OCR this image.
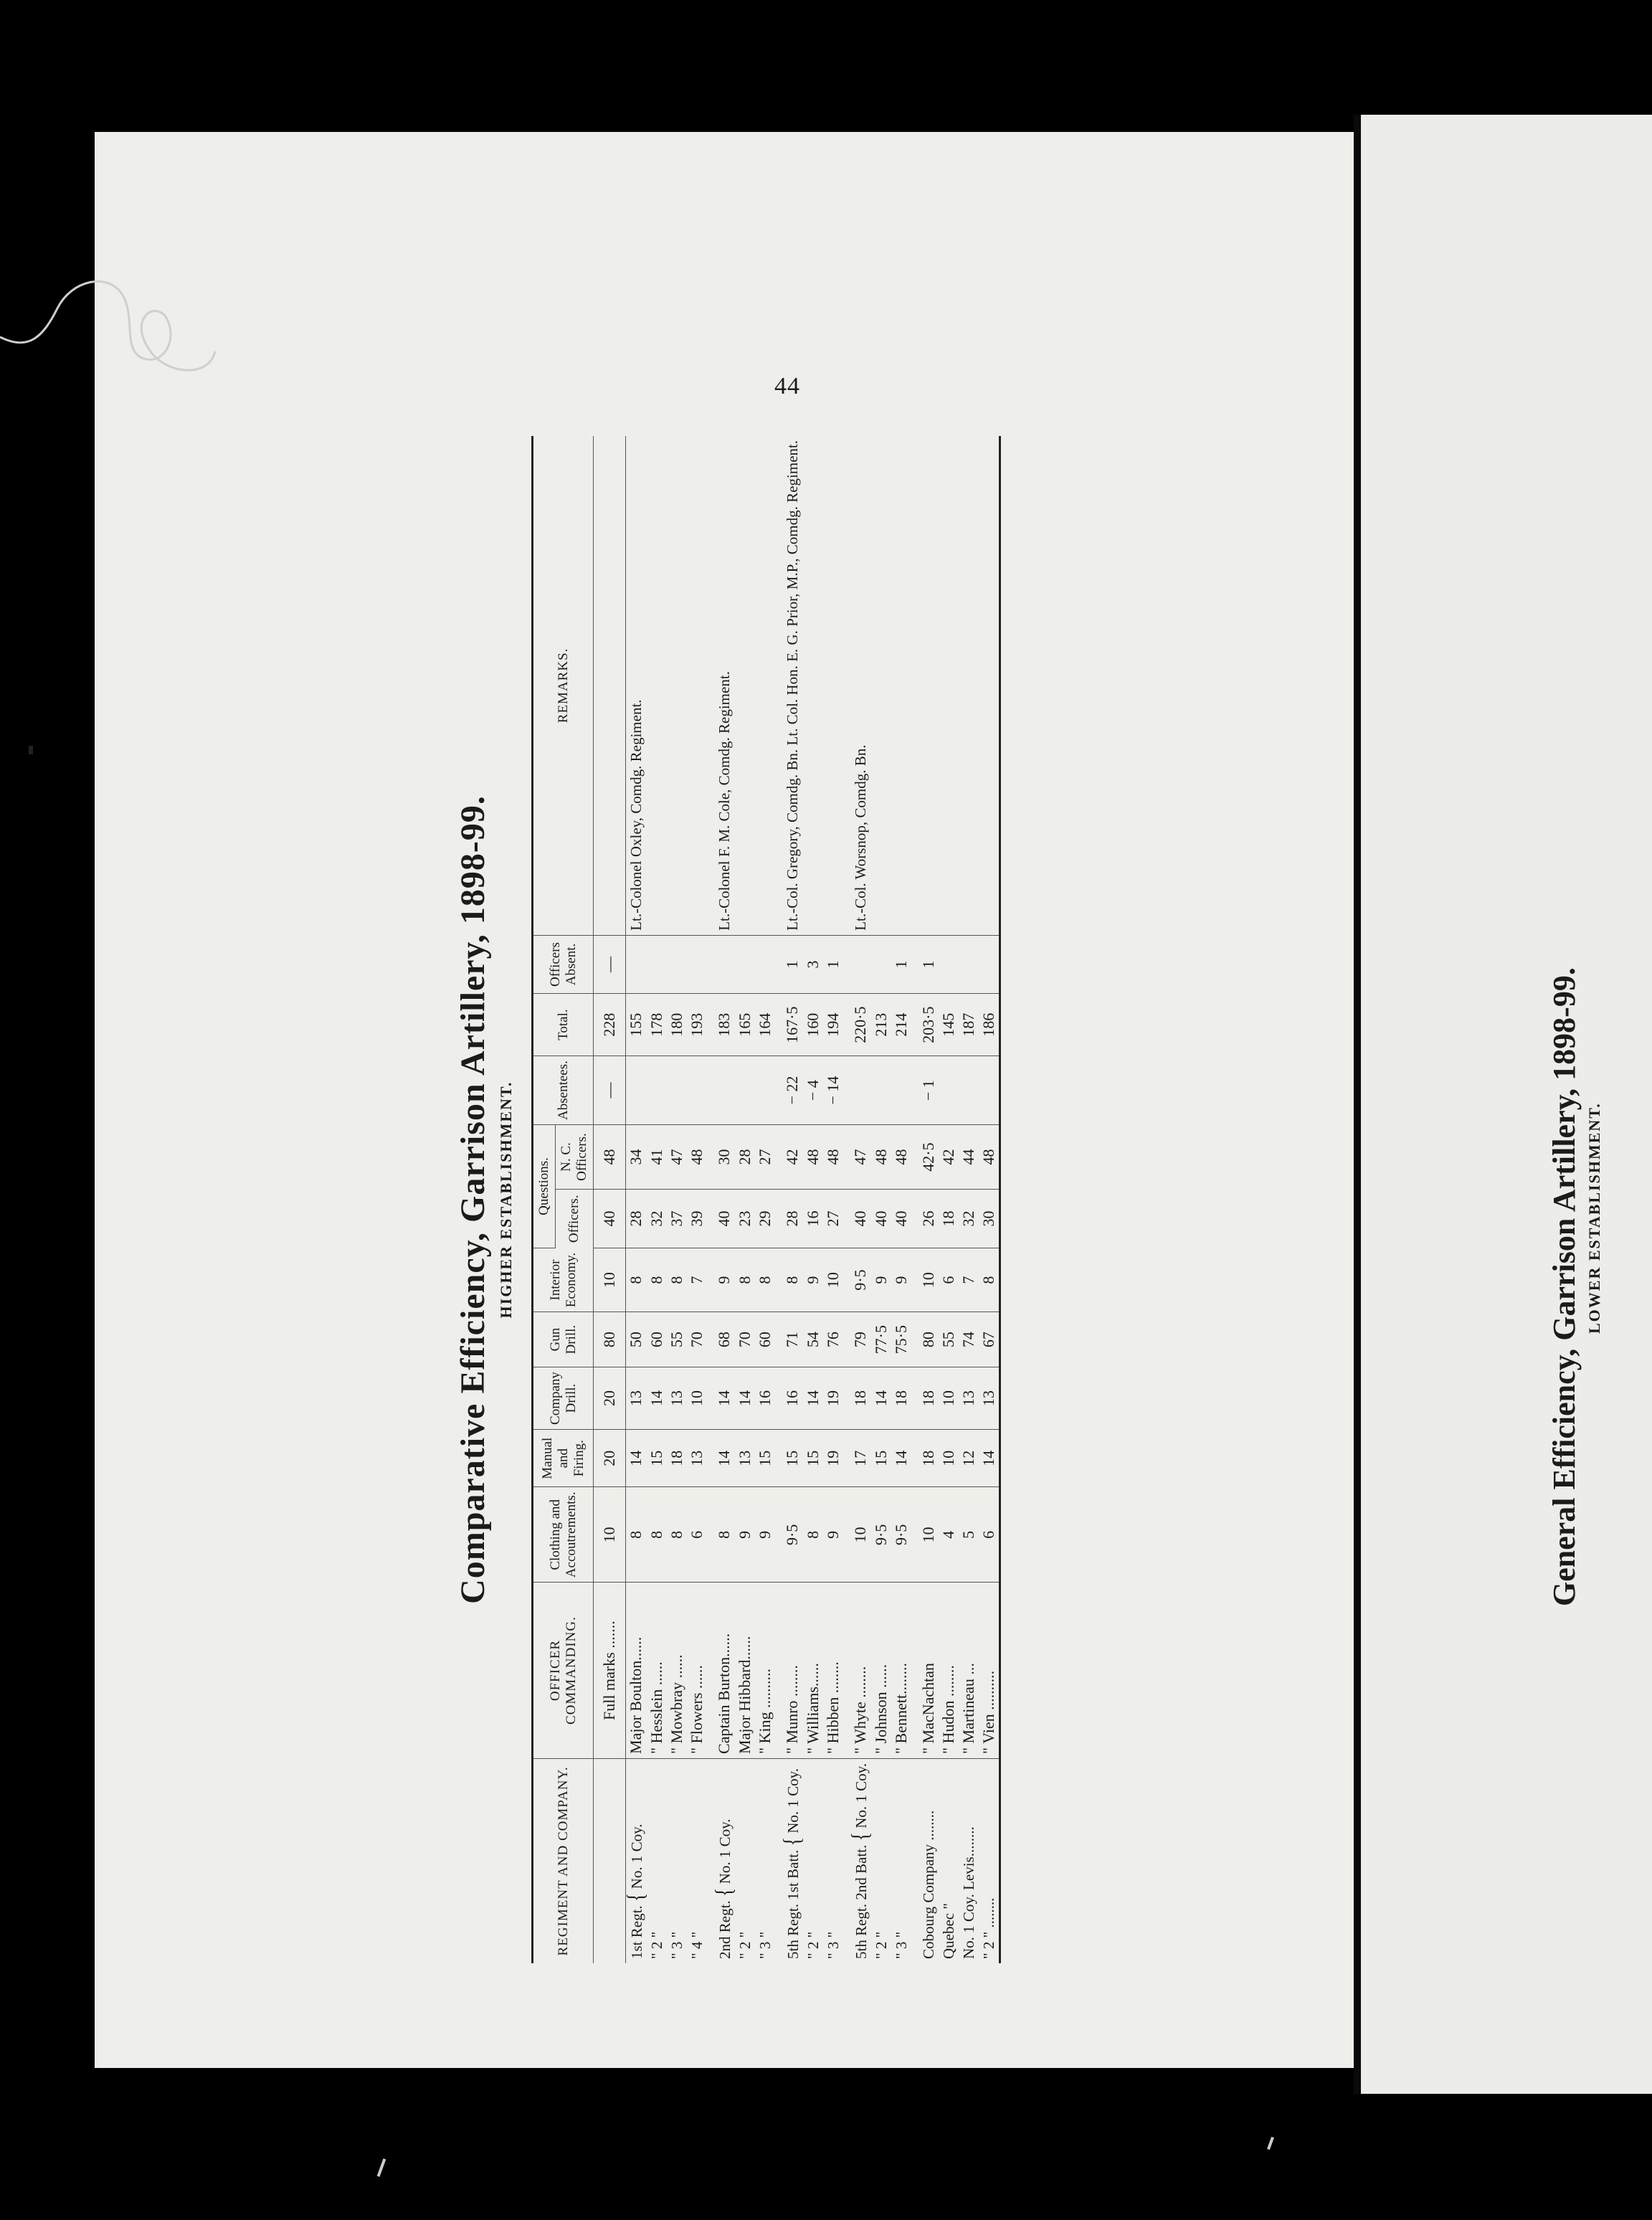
44
Comparative Efficiency, Garrison Artillery, 1898-99. HIGHER ESTABLISHMENT.
REGIMENT AND COMPANY.	OFFICER COMMANDING.	Clothing and Accoutrements.	Manual and Firing.	Company Drill.	Gun Drill.	Interior Economy.	Questions.		Absentees.	Total.	Officers Absent.	REMARKS.
							Officers.	N. C. Officers.				
	Full marks .......	10	20	20	80	10	40	48	—	228	—	
1st Regt. { No. 1 Coy.	Major Boulton......	8	14	13	50	8	28	34		155		Lt.-Colonel Oxley, Comdg. Regiment.
" 2 "	" Hesslein ......	8	15	14	60	8	32	41		178		
" 3 "	" Mowbray ......	8	18	13	55	8	37	47		180		
" 4 "	" Flowers ......	6	13	10	70	7	39	48		193		

2nd Regt. { No. 1 Coy.	Captain Burton......	8	14	14	68	9	40	30		183		Lt.-Colonel F. M. Cole, Comdg. Regiment.
" 2 "	Major Hibbard......	9	13	14	70	8	23	28		165		
" 3 "	" King ..........	9	15	16	60	8	29	27		164		

5th Regt. 1st Batt. { No. 1 Coy.	" Munro ........	9·5	15	16	71	8	28	42	− 22	167·5	1	Lt.-Col. Gregory, Comdg. Bn. Lt. Col. Hon. E. G. Prior, M.P., Comdg. Regiment.
" 2 "	" Williams......	8	15	14	54	9	16	48	− 4	160	3	
" 3 "	" Hibben ........	9	19	19	76	10	27	48	− 14	194	1	

5th Regt. 2nd Batt. { No. 1 Coy.	" Whyte ........	10	17	18	79	9·5	40	47		220·5		Lt.-Col. Worsnop, Comdg. Bn.
" 2 "	" Johnson ......	9·5	15	14	77·5	9	40	48		213		
" 3 "	" Bennett........	9·5	14	18	75·5	9	40	48		214	1	

Cobourg Company ........	" MacNachtan	10	18	18	80	10	26	42·5	− 1	203·5	1	
Quebec "	" Hudon ........	4	10	10	55	6	18	42		145		
No. 1 Coy. Levis........	" Martineau ...	5	12	13	74	7	32	44		187		
" 2 " ........	" Vien ..........	6	14	13	67	8	30	48		186			General Efficiency, Garrison Artillery, 1898-99. LOWER ESTABLISHMENT.
